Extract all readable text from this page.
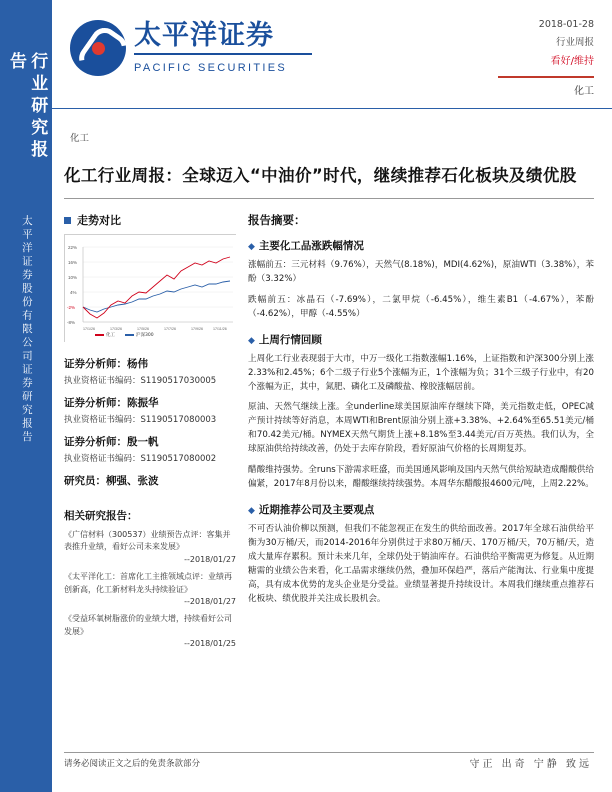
行业研究报告
太平洋证券股份有限公司证券研究报告
太平洋证券
PACIFIC SECURITIES
2018-01-28
行业周报
看好/维持
化工
化工
化工行业周报：全球迈入“中油价”时代，继续推荐石化板块及绩优股
走势对比
22%
16%
10%
4%
-2%
-8%
17/1/26	17/3/26	17/5/26	17/7/26	17/9/26	17/11/26
化工	沪深300
证券分析师：杨伟
执业资格证书编码：S1190517030005
证券分析师：陈振华
执业资格证书编码：S1190517080003
证券分析师：殷一帆
执业资格证书编码：S1190517080002
研究员：柳强、张波
相关研究报告：
《广信材料（300537）业绩预告点评：客集并表推升业绩，看好公司未来发展》
--2018/01/27
《太平洋化工：首席化工主推领域点评：业绩再创新高，化工新材料龙头持续验证》
--2018/01/27
《受益环氧树脂涨价的业绩大增，持续看好公司发展》
--2018/01/25
报告摘要：
◆ 主要化工品涨跌幅情况
涨幅前五：三元材料（9.76%），天然气(8.18%)，MDI(4.62%)，原油WTI（3.38%），苯酚（3.32%）
跌幅前五：冰晶石（-7.69%），二氯甲烷（-6.45%），维生素B1（-4.67%），苯酚（-4.62%），甲醇（-4.55%）
◆ 上周行情回顾
上周化工行业表现弱于大市，中万一级化工指数涨幅1.16%，上证指数和沪深300分别上涨2.33%和2.45%；6个二级子行业5个涨幅为正，1个涨幅为负；31个三级子行业中，有20个涨幅为正，其中，氮肥、磷化工及磷酸盐、橡胶涨幅居前。
原油、天然气继续上涨。全underline球美国原油库存继续下降，美元指数走低，OPEC减产预计持续等好消息，本周WTI和Brent原油分别上涨+3.38%、+2.64%至65.51美元/桶和70.42美元/桶。NYMEX天然气期货上涨+8.18%至3.44美元/百万英热。我们认为，全球原油供给持续改善，仍处于去库存阶段，看好原油气价格的长周期复苏。
醋酸维持强势。全runs下游需求旺盛，而美国通风影响及国内天然气供给短缺造成醋酸供给偏紧，2017年8月份以来，醋酸继续持续强势。本周华东醋酸报4600元/吨，上周2.22%。
◆ 近期推荐公司及主要观点
不可否认油价柳以预测，但我们不能忽视正在发生的供给面改善。2017年全球石油供给平衡为30万桶/天，而2014-2016年分别供过于求80万桶/天、170万桶/天，70万桶/天，造成大量库存累积。预计未来几年，全球仍处于销油库存。石油供给平衡需更为修复。从近期糖需的业绩公告来看，化工品需求继续仍然，叠加环保趋严，落后产能淘汰、行业集中度提高，具有成本优势的龙头企业是分受益。业绩显著提升持续设计。本周我们继续重点推荐石化板块、绩优股并关注成长股机会。
请务必阅读正文之后的免责条款部分	守正 出奇 宁静 致远
